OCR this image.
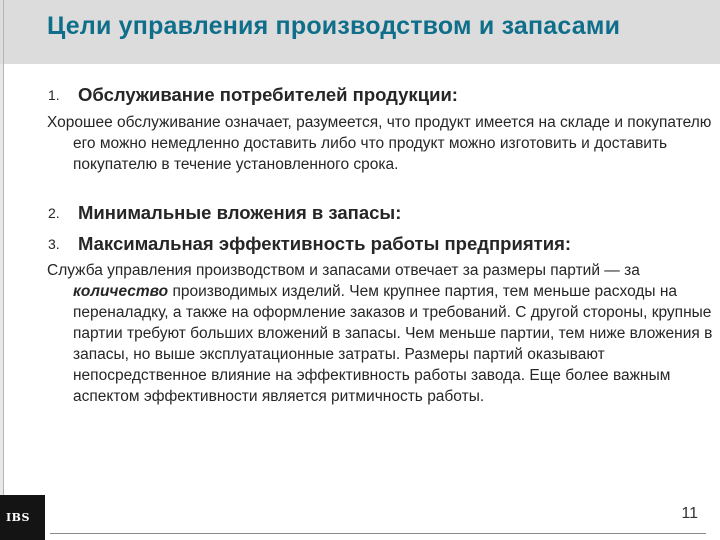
Цели управления производством и запасами
1. Обслуживание потребителей продукции:
Хорошее обслуживание означает, разумеется, что продукт имеется на складе и покупателю его можно немедленно доставить либо что продукт можно изготовить и доставить покупателю в течение установленного срока.
2. Минимальные вложения в запасы:
3. Максимальная эффективность работы предприятия:
Служба управления производством и запасами отвечает за размеры партий — за количество производимых изделий. Чем крупнее партия, тем меньше расходы на переналадку, а также на оформление заказов и требований. С другой стороны, крупные партии требуют больших вложений в запасы. Чем меньше партии, тем ниже вложения в запасы, но выше эксплуатационные затраты. Размеры партий оказывают непосредственное влияние на эффективность работы завода. Еще более важным аспектом эффективности является ритмичность работы.
IBS	11
